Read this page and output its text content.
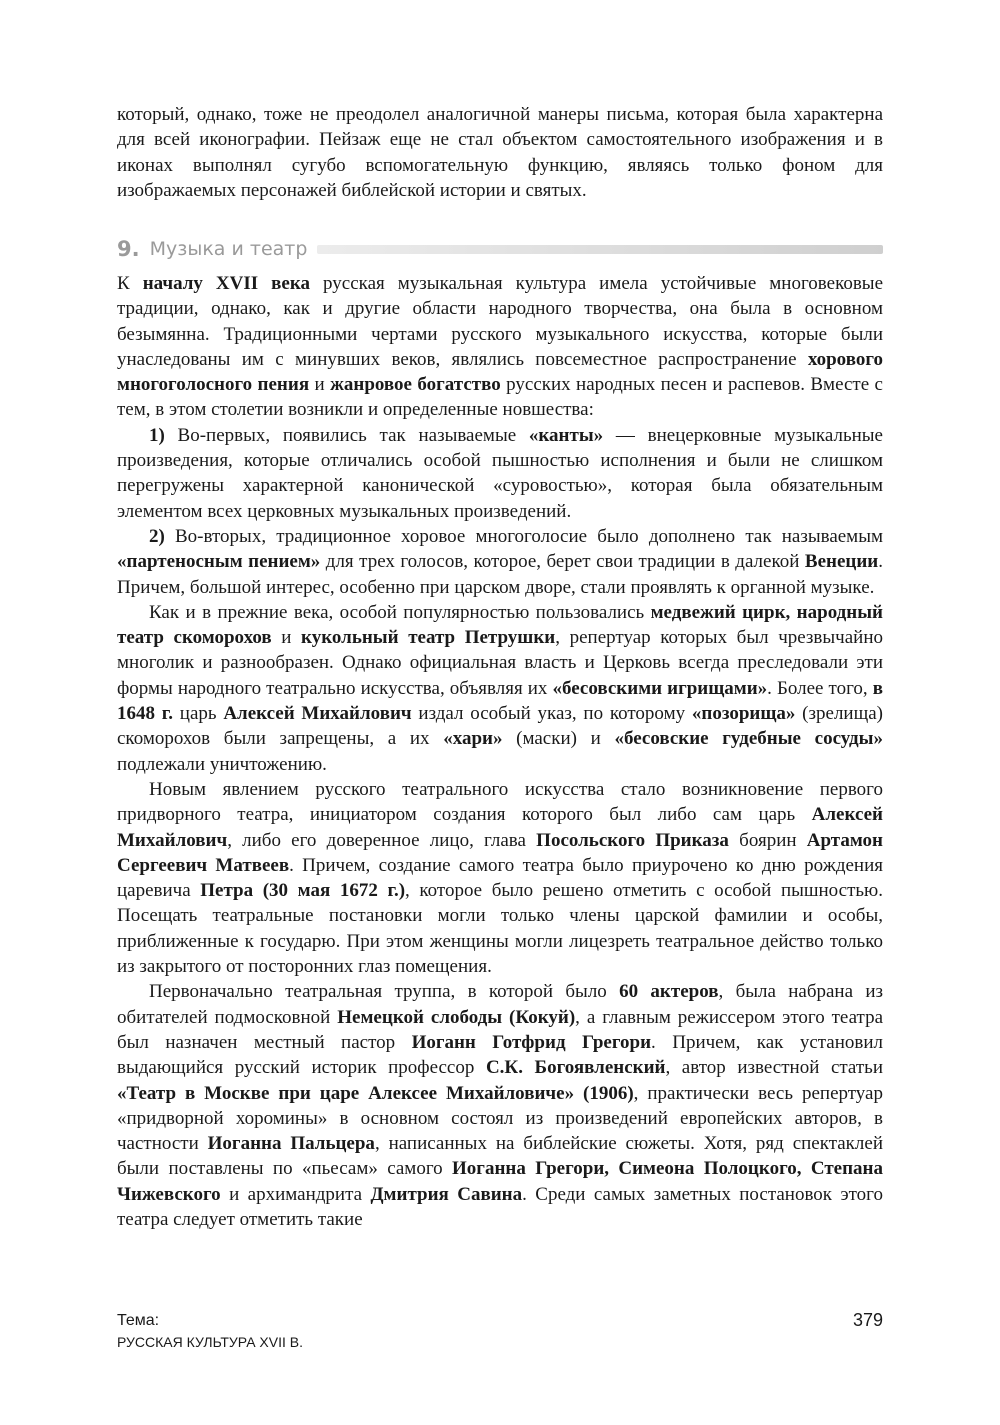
который, однако, тоже не преодолел аналогичной манеры письма, которая была характерна для всей иконографии. Пейзаж еще не стал объектом самостоятельного изображения и в иконах выполнял сугубо вспомогательную функцию, являясь только фоном для изображаемых персонажей библейской истории и святых.

9. Музыка и театр

К началу XVII века русская музыкальная культура имела устойчивые многовековые традиции, однако, как и другие области народного творчества, она была в основном безымянна. Традиционными чертами русского музыкального искусства, которые были унаследованы им с минувших веков, являлись повсеместное распространение хорового многоголосного пения и жанровое богатство русских народных песен и распевов. Вместе с тем, в этом столетии возникли и определенные новшества:

1) Во-первых, появились так называемые «канты» — внецерковные музыкальные произведения, которые отличались особой пышностью исполнения и были не слишком перегружены характерной канонической «суровостью», которая была обязательным элементом всех церковных музыкальных произведений.

2) Во-вторых, традиционное хоровое многоголосие было дополнено так называемым «партеносным пением» для трех голосов, которое, берет свои традиции в далекой Венеции. Причем, большой интерес, особенно при царском дворе, стали проявлять к органной музыке.

Как и в прежние века, особой популярностью пользовались медвежий цирк, народный театр скоморохов и кукольный театр Петрушки, репертуар которых был чрезвычайно многолик и разнообразен. Однако официальная власть и Церковь всегда преследовали эти формы народного театрально искусства, объявляя их «бесовскими игрищами». Более того, в 1648 г. царь Алексей Михайлович издал особый указ, по которому «позорища» (зрелища) скоморохов были запрещены, а их «хари» (маски) и «бесовские гудебные сосуды» подлежали уничтожению.

Новым явлением русского театрального искусства стало возникновение первого придворного театра, инициатором создания которого был либо сам царь Алексей Михайлович, либо его доверенное лицо, глава Посольского Приказа боярин Артамон Сергеевич Матвеев. Причем, создание самого театра было приурочено ко дню рождения царевича Петра (30 мая 1672 г.), которое было решено отметить с особой пышностью. Посещать театральные постановки могли только члены царской фамилии и особы, приближенные к государю. При этом женщины могли лицезреть театральное действо только из закрытого от посторонних глаз помещения.

Первоначально театральная труппа, в которой было 60 актеров, была набрана из обитателей подмосковной Немецкой слободы (Кокуй), а главным режиссером этого театра был назначен местный пастор Иоганн Готфрид Грегори. Причем, как установил выдающийся русский историк профессор С.К. Богоявленский, автор известной статьи «Театр в Москве при царе Алексее Михайловиче» (1906), практически весь репертуар «придворной хоромины» в основном состоял из произведений европейских авторов, в частности Иоганна Пальцера, написанных на библейские сюжеты. Хотя, ряд спектаклей были поставлены по «пьесам» самого Иоганна Грегори, Симеона Полоцкого, Степана Чижевского и архимандрита Дмитрия Савина. Среди самых заметных постановок этого театра следует отметить такие

Тема:
РУССКАЯ КУЛЬТУРА XVII В.
379
